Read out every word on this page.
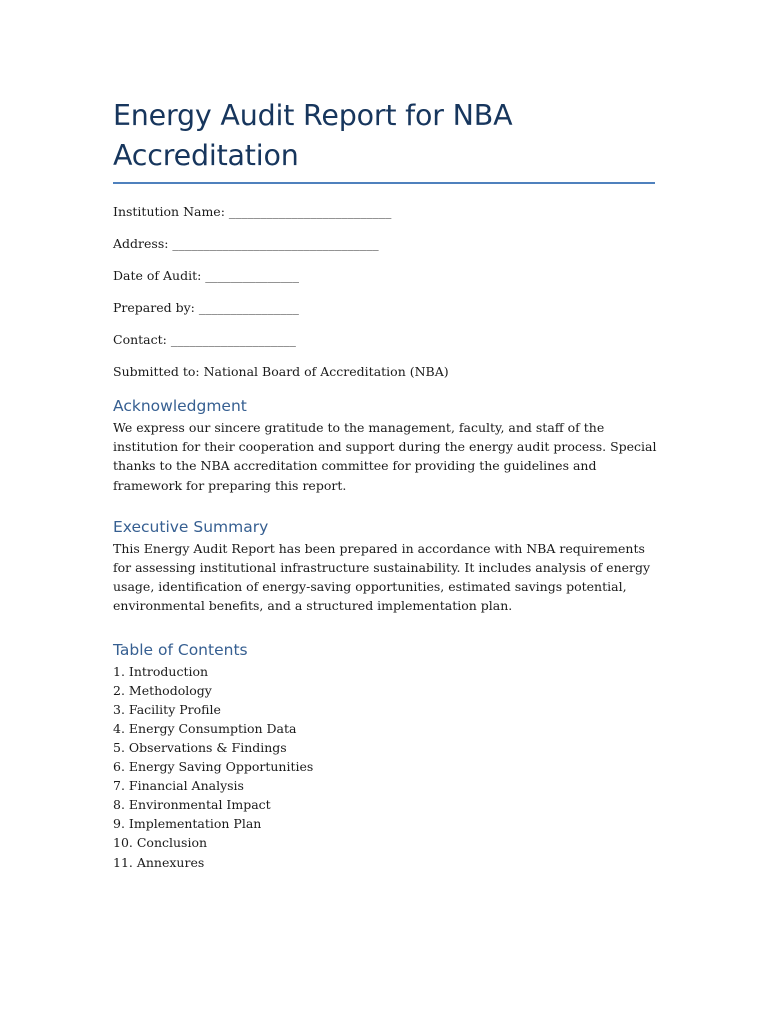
Energy Audit Report for NBA Accreditation

Institution Name: __________________________

Address: _________________________________

Date of Audit: _______________

Prepared by: ________________

Contact: ____________________

Submitted to: National Board of Accreditation (NBA)

Acknowledgment

We express our sincere gratitude to the management, faculty, and staff of the institution for their cooperation and support during the energy audit process. Special thanks to the NBA accreditation committee for providing the guidelines and framework for preparing this report.

Executive Summary

This Energy Audit Report has been prepared in accordance with NBA requirements for assessing institutional infrastructure sustainability. It includes analysis of energy usage, identification of energy-saving opportunities, estimated savings potential, environmental benefits, and a structured implementation plan.

Table of Contents
1. Introduction
2. Methodology
3. Facility Profile
4. Energy Consumption Data
5. Observations & Findings
6. Energy Saving Opportunities
7. Financial Analysis
8. Environmental Impact
9. Implementation Plan
10. Conclusion
11. Annexures
